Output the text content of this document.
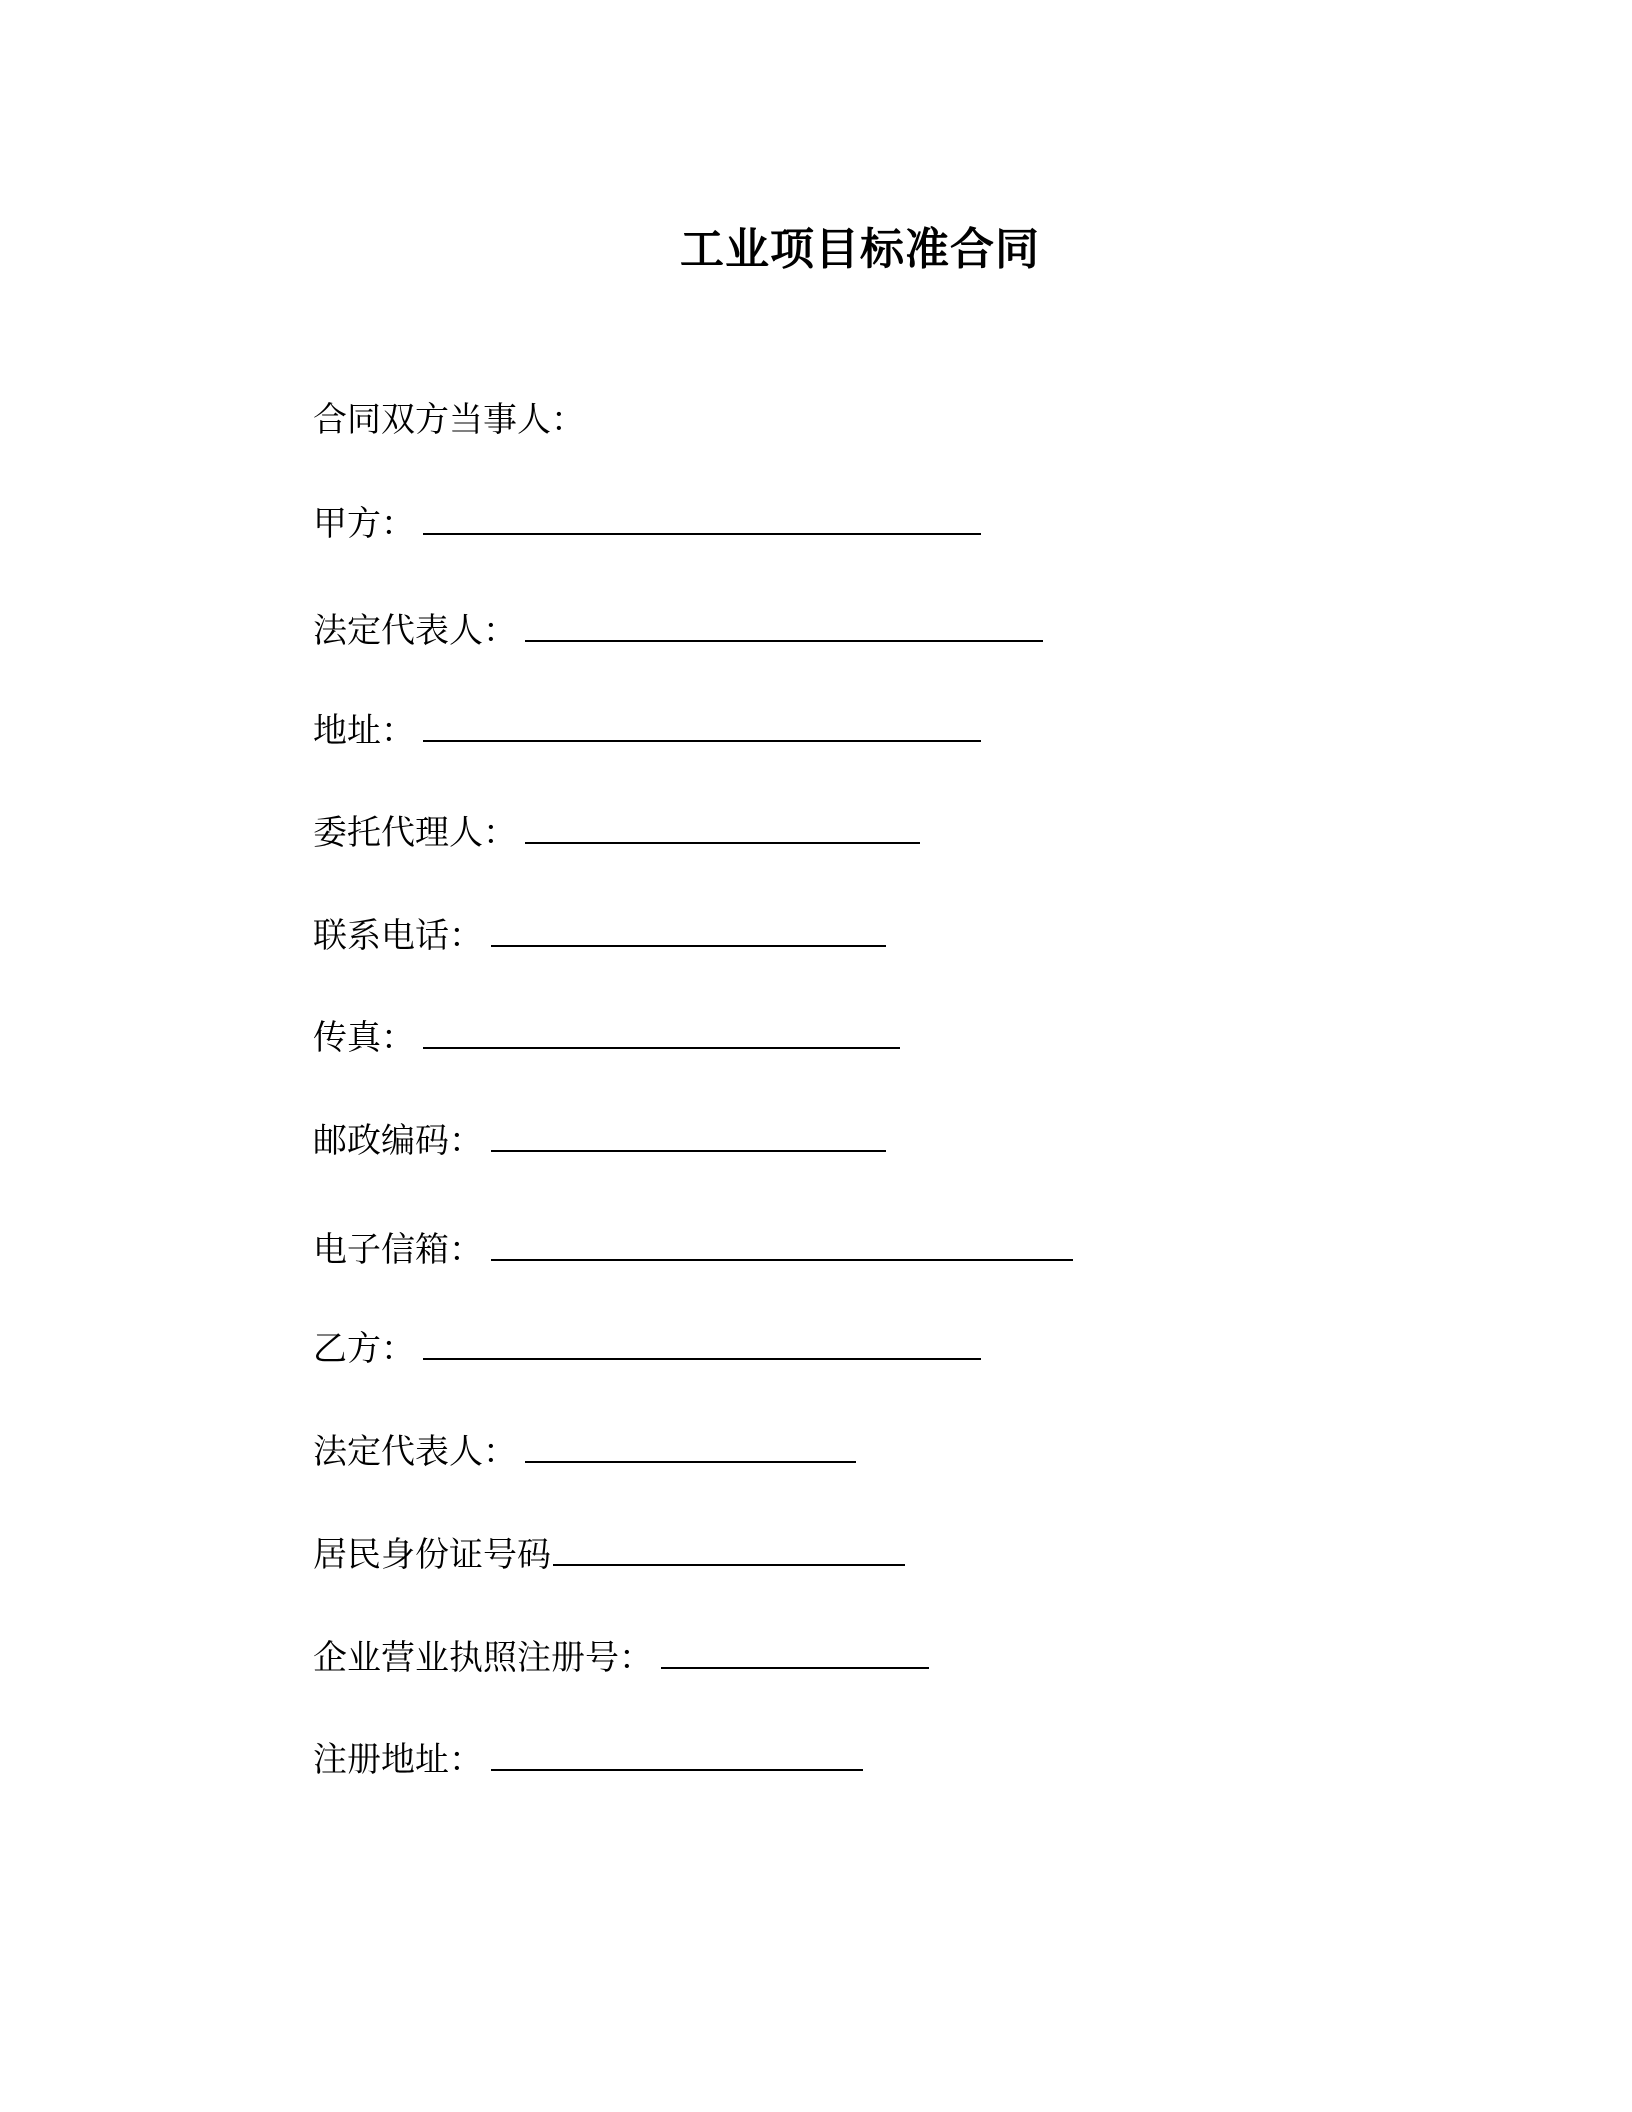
工业项目标准合同
合同双方当事人：
甲方：
法定代表人：
地址：
委托代理人：
联系电话：
传真：
邮政编码：
电子信箱：
乙方：
法定代表人：
居民身份证号码
企业营业执照注册号：
注册地址：
